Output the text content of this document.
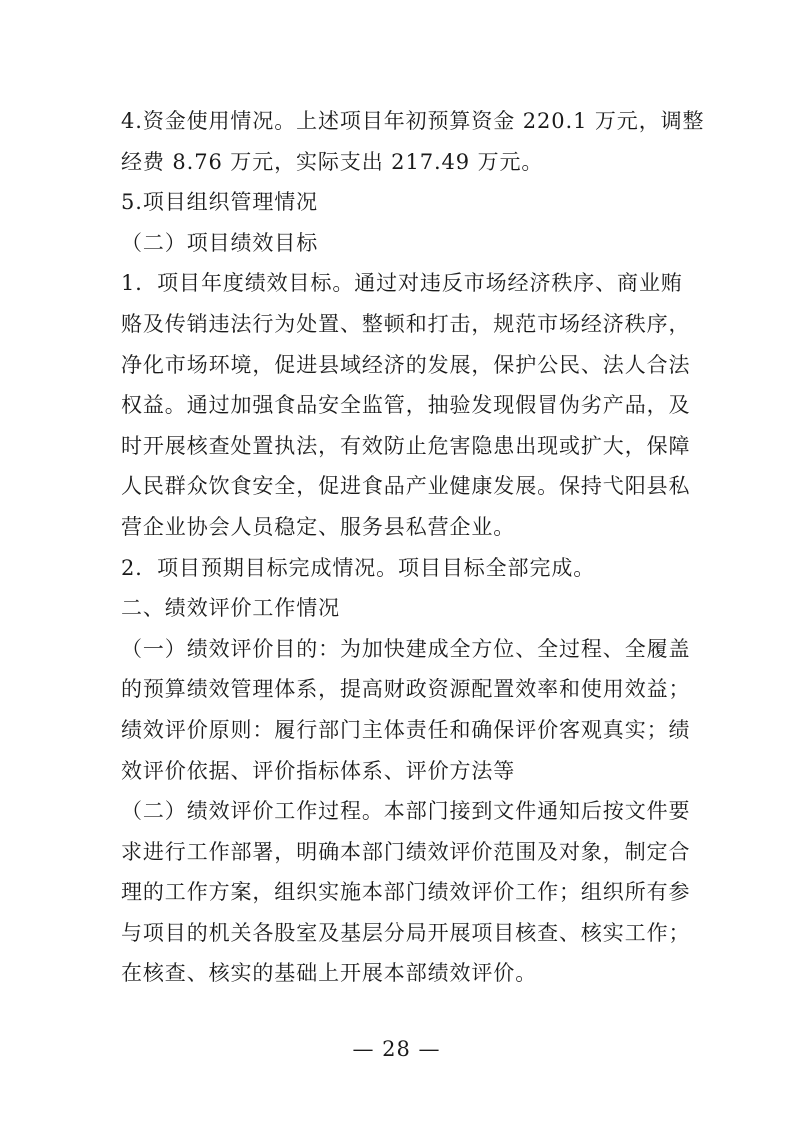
4.资金使用情况。上述项目年初预算资金 220.1 万元，调整
经费 8.76 万元，实际支出 217.49 万元。
5.项目组织管理情况
（二）项目绩效目标
1．项目年度绩效目标。通过对违反市场经济秩序、商业贿
赂及传销违法行为处置、整顿和打击，规范市场经济秩序，
净化市场环境，促进县域经济的发展，保护公民、法人合法
权益。通过加强食品安全监管，抽验发现假冒伪劣产品，及
时开展核查处置执法，有效防止危害隐患出现或扩大，保障
人民群众饮食安全，促进食品产业健康发展。保持弋阳县私
营企业协会人员稳定、服务县私营企业。
2．项目预期目标完成情况。项目目标全部完成。
二、绩效评价工作情况
（一）绩效评价目的：为加快建成全方位、全过程、全履盖
的预算绩效管理体系，提高财政资源配置效率和使用效益；
绩效评价原则：履行部门主体责任和确保评价客观真实；绩
效评价依据、评价指标体系、评价方法等
（二）绩效评价工作过程。本部门接到文件通知后按文件要
求进行工作部署，明确本部门绩效评价范围及对象，制定合
理的工作方案，组织实施本部门绩效评价工作；组织所有参
与项目的机关各股室及基层分局开展项目核查、核实工作；
在核查、核实的基础上开展本部绩效评价。
— 28 —
